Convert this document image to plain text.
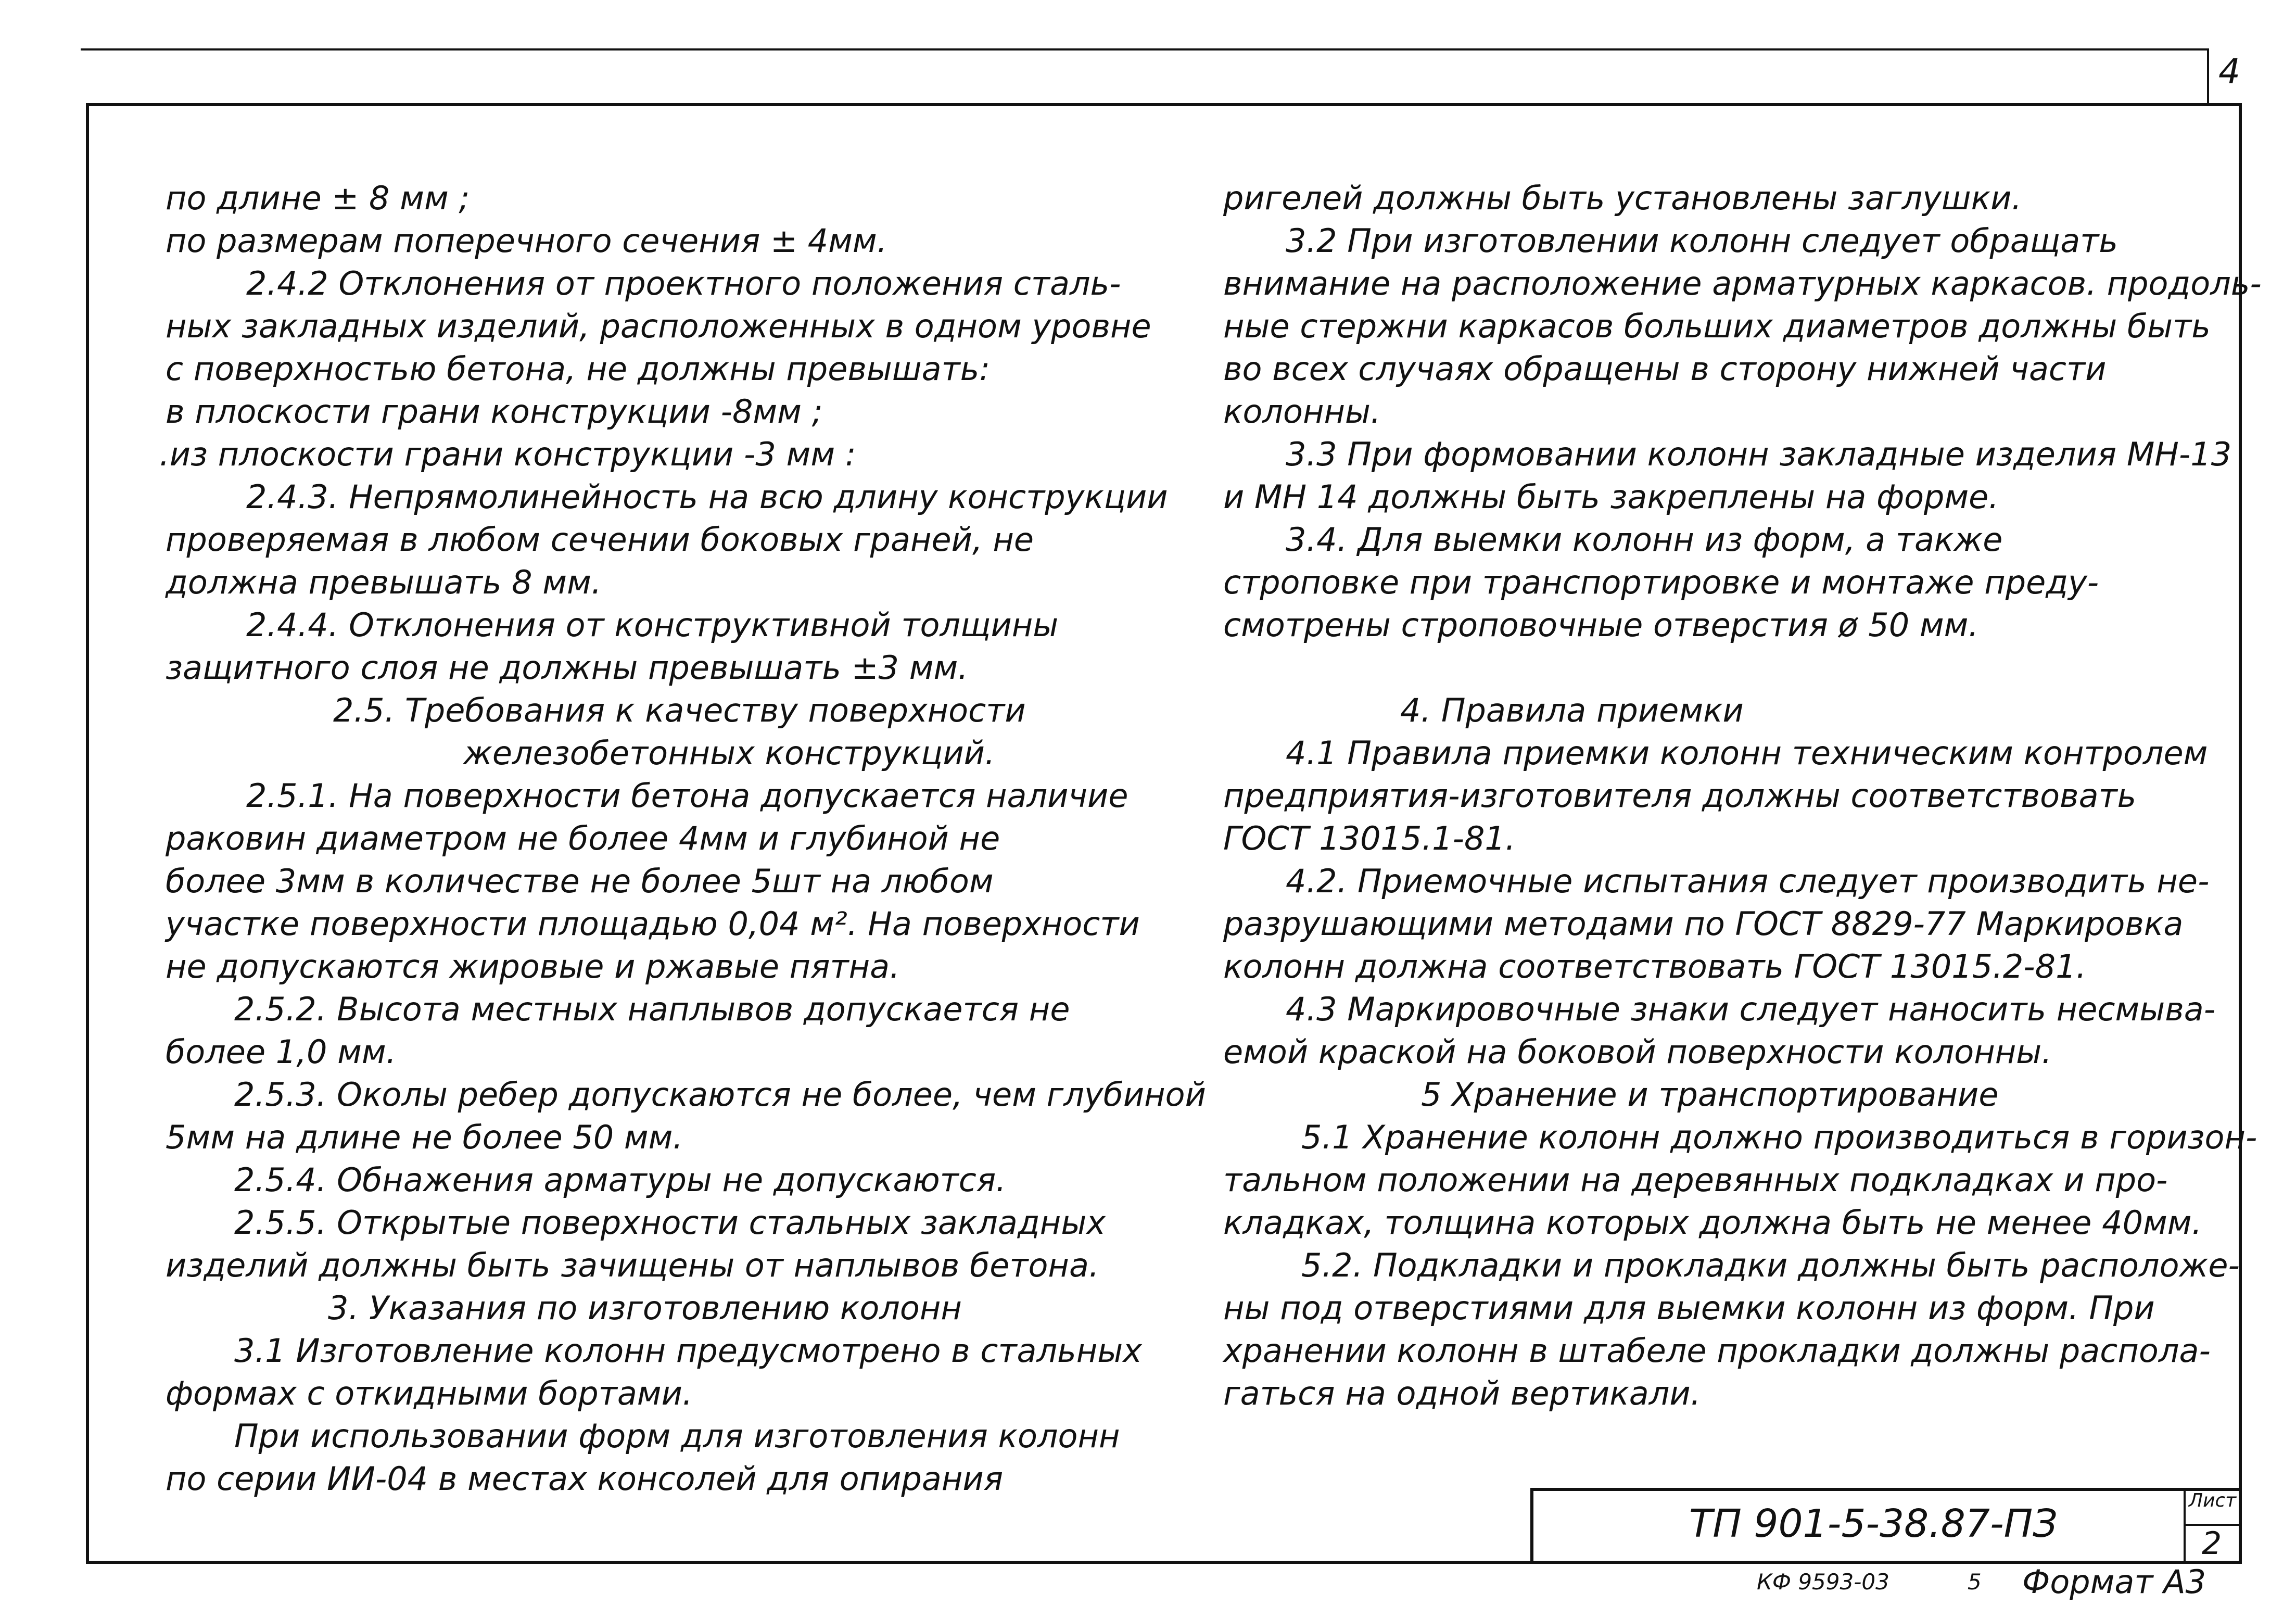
4
по длине ± 8 мм ;
по размерам поперечного сечения ± 4мм.
2.4.2 Отклонения от проектного положения сталь-
ных закладных изделий, расположенных в одном уровне
с поверхностью бетона, не должны превышать:
в плоскости грани конструкции -8мм ;
.из плоскости грани конструкции -3 мм :
2.4.3. Непрямолинейность на всю длину конструкции
проверяемая в любом сечении боковых граней, не
должна превышать 8 мм.
2.4.4. Отклонения от конструктивной толщины
защитного слоя не должны превышать ±3 мм.
2.5. Требования к качеству поверхности
железобетонных конструкций.
2.5.1. На поверхности бетона допускается наличие
раковин диаметром не более 4мм и глубиной не
более 3мм в количестве не более 5шт на любом
участке поверхности площадью 0,04 м². На поверхности
не допускаются жировые и ржавые пятна.
2.5.2. Высота местных наплывов допускается не
более 1,0 мм.
2.5.3. Околы ребер допускаются не более, чем глубиной
5мм на длине не более 50 мм.
2.5.4. Обнажения арматуры не допускаются.
2.5.5. Открытые поверхности стальных закладных
изделий должны быть зачищены от наплывов бетона.
3. Указания по изготовлению колонн
3.1 Изготовление колонн предусмотрено в стальных
формах с откидными бортами.
При использовании форм для изготовления колонн
по серии ИИ-04 в местах консолей для опирания
ригелей должны быть установлены заглушки.
3.2 При изготовлении колонн следует обращать
внимание на расположение арматурных каркасов. продоль-
ные стержни каркасов больших диаметров должны быть
во всех случаях обращены в сторону нижней части
колонны.
3.3 При формовании колонн закладные изделия МН-13
и МН 14 должны быть закреплены на форме.
3.4. Для выемки колонн из форм, а также
строповке при транспортировке и монтаже преду-
смотрены строповочные отверстия ø 50 мм.
4. Правила приемки
4.1 Правила приемки колонн техническим контролем
предприятия-изготовителя должны соответствовать
ГОСТ 13015.1-81.
4.2. Приемочные испытания следует производить не-
разрушающими методами по ГОСТ 8829-77 Маркировка
колонн должна соответствовать ГОСТ 13015.2-81.
4.3 Маркировочные знаки следует наносить несмыва-
емой краской на боковой поверхности колонны.
5 Хранение и транспортирование
5.1 Хранение колонн должно производиться в горизон-
тальном положении на деревянных подкладках и про-
кладках, толщина которых должна быть не менее 40мм.
5.2. Подкладки и прокладки должны быть расположе-
ны под отверстиями для выемки колонн из форм. При
хранении колонн в штабеле прокладки должны распола-
гаться на одной вертикали.
ТП 901-5-38.87-ПЗ
Лист
2
КФ 9593-03	5 Формат А3
